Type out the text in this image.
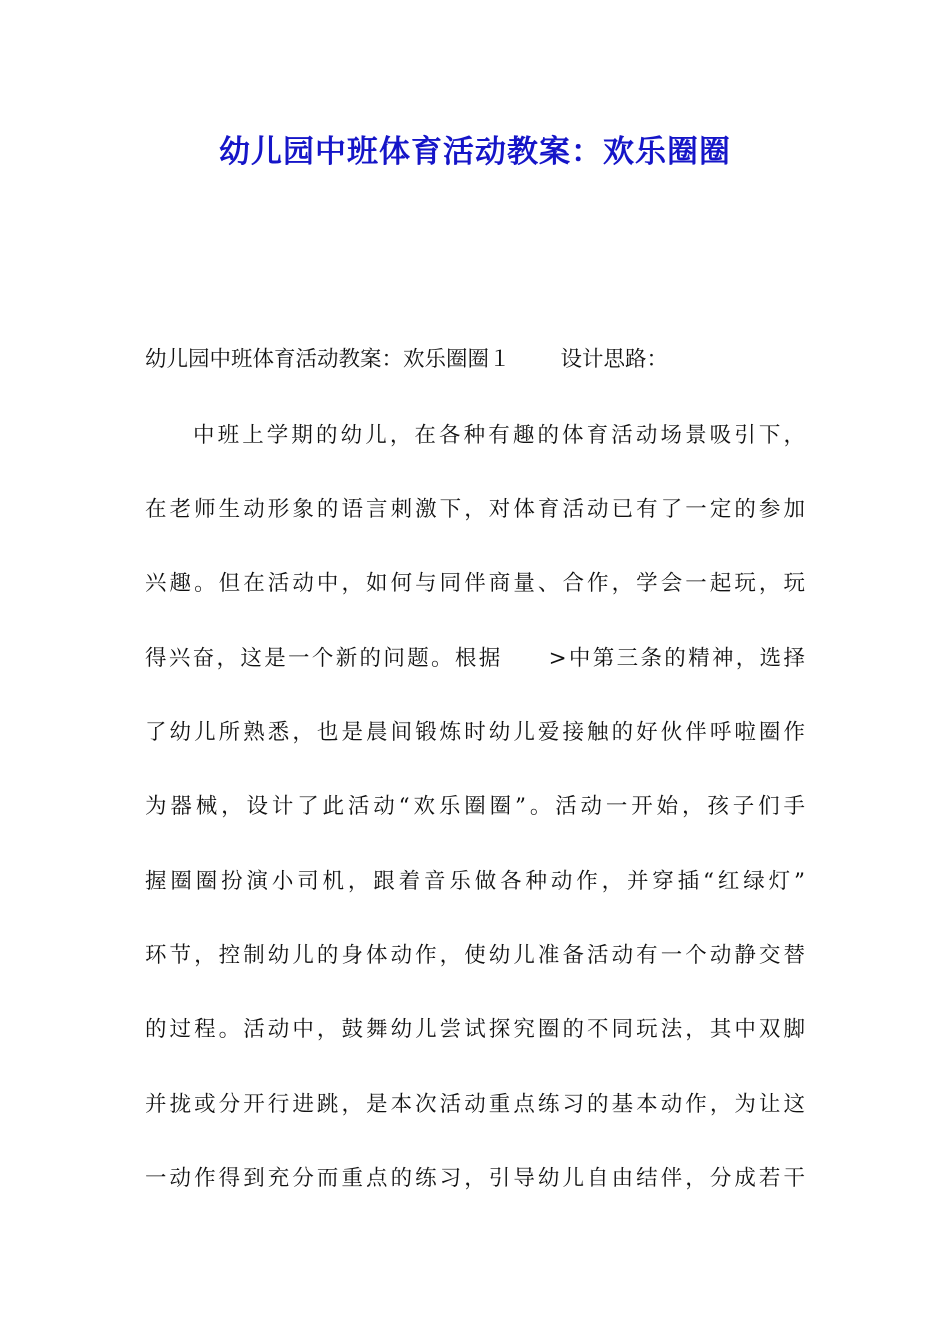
幼儿园中班体育活动教案：欢乐圈圈
幼儿园中班体育活动教案：欢乐圈圈１ 设计思路：
中班上学期的幼儿，在各种有趣的体育活动场景吸引下，
在老师生动形象的语言刺激下，对体育活动已有了一定的参加
兴趣。但在活动中，如何与同伴商量、合作，学会一起玩，玩
得兴奋，这是一个新的问题。根据 >中第三条的精神，选择
了幼儿所熟悉，也是晨间锻炼时幼儿爱接触的好伙伴呼啦圈作
为器械，设计了此活动“欢乐圈圈”。活动一开始，孩子们手
握圈圈扮演小司机，跟着音乐做各种动作，并穿插“红绿灯”
环节，控制幼儿的身体动作，使幼儿准备活动有一个动静交替
的过程。活动中，鼓舞幼儿尝试探究圈的不同玩法，其中双脚
并拢或分开行进跳，是本次活动重点练习的基本动作，为让这
一动作得到充分而重点的练习，引导幼儿自由结伴，分成若干
